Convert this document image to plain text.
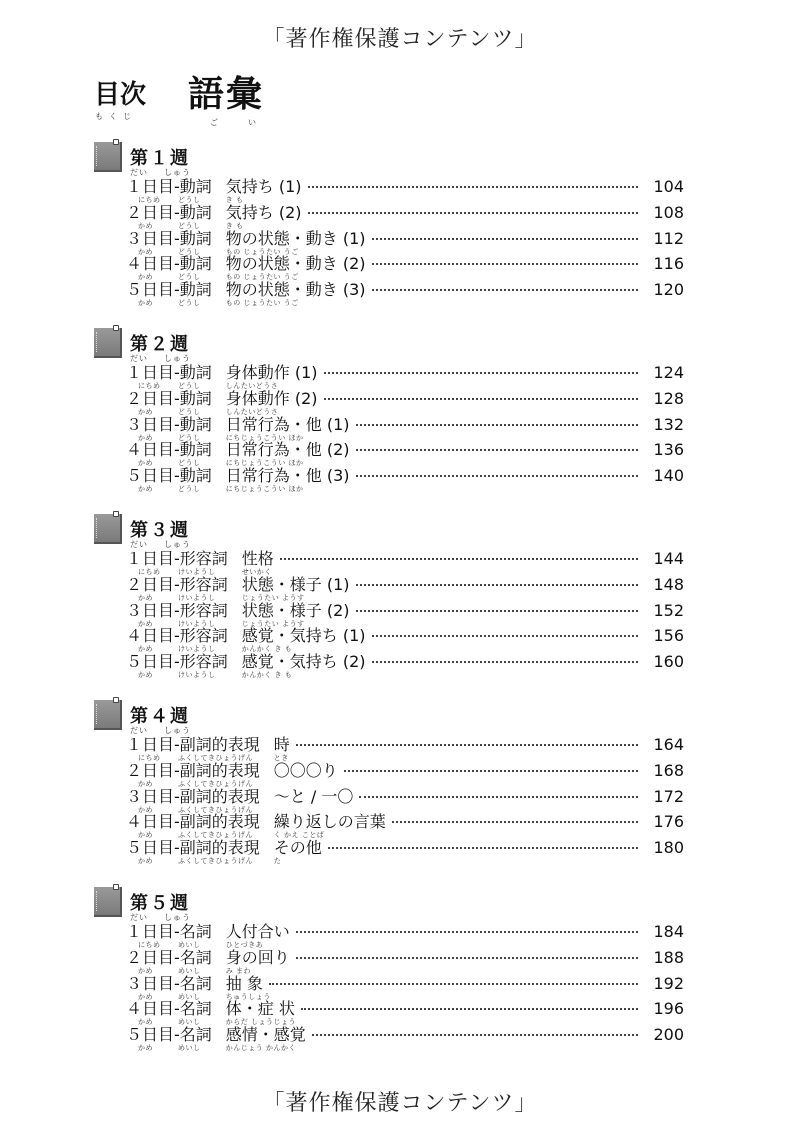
「著作権保護コンテンツ」
目次
もくじ
語彙
ごい
第１週
だい しゅう
１日目 -動詞 気持ち (1)	104
にちめ	どうし	き も
２日目 -動詞 気持ち (2)	108
かめ	どうし	き も
３日目 -動詞 物の状態・動き (1)	112
かめ	どうし	もの じょうたい うご
４日目 -動詞 物の状態・動き (2)	116
かめ	どうし	もの じょうたい うご
５日目 -動詞 物の状態・動き (3)	120
かめ	どうし	もの じょうたい うご
第２週
だい しゅう
１日目 -動詞 身体動作 (1)	124
にちめ	どうし	しんたいどうさ
２日目 -動詞 身体動作 (2)	128
かめ	どうし	しんたいどうさ
３日目 -動詞 日常行為・他 (1)	132
かめ	どうし	にちじょうこうい ほか
４日目 -動詞 日常行為・他 (2)	136
かめ	どうし	にちじょうこうい ほか
５日目 -動詞 日常行為・他 (3)	140
かめ	どうし	にちじょうこうい ほか
第３週
だい しゅう
１日目 -形容詞 性格	144
にちめ	けいようし	せいかく
２日目 -形容詞 状態・様子 (1)	148
かめ	けいようし	じょうたい ようす
３日目 -形容詞 状態・様子 (2)	152
かめ	けいようし	じょうたい ようす
４日目 -形容詞 感覚・気持ち (1)	156
かめ	けいようし	かんかく き も
５日目 -形容詞 感覚・気持ち (2)	160
かめ	けいようし	かんかく き も
第４週
だい しゅう
１日目 -副詞的表現 時	164
にちめ	ふくしてきひょうげん	とき
２日目 -副詞的表現 〇〇〇り	168
かめ	ふくしてきひょうげん
３日目 -副詞的表現 ～と / 一〇	172
かめ	ふくしてきひょうげん
４日目 -副詞的表現 繰り返しの言葉	176
かめ	ふくしてきひょうげん	く かえ ことば
５日目 -副詞的表現 その他	180
かめ	ふくしてきひょうげん	た
第５週
だい しゅう
１日目 -名詞 人付合い	184
にちめ	めいし	ひとづきあ
２日目 -名詞 身の回り	188
かめ	めいし	み まわ
３日目 -名詞 抽 象	192
かめ	めいし	ちゅうしょう
４日目 -名詞 体・症 状	196
かめ	めいし	からだ しょうじょう
５日目 -名詞 感情・感覚	200
かめ	めいし	かんじょう かんかく
「著作権保護コンテンツ」
